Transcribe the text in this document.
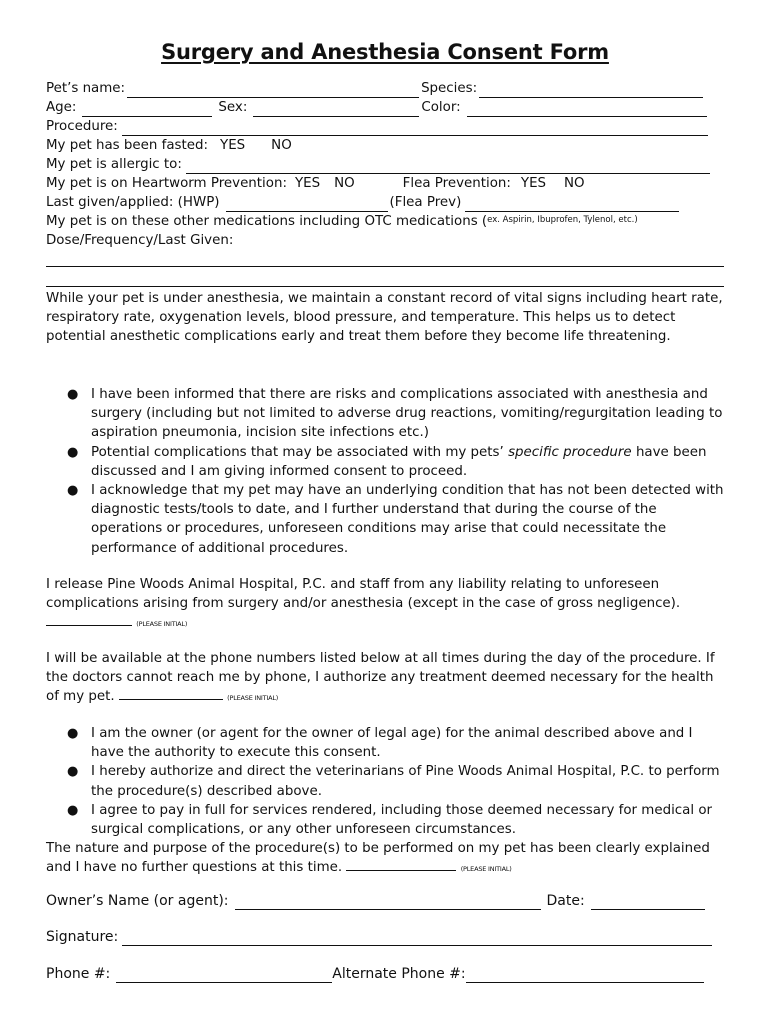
Surgery and Anesthesia Consent Form
Pet’s name:	Species:
Age:	Sex:	Color:
Procedure:
My pet has been fasted: YES NO
My pet is allergic to:
My pet is on Heartworm Prevention: YES NO	Flea Prevention: YES NO
Last given/applied: (HWP)	(Flea Prev)
My pet is on these other medications including OTC medications ( ex. Aspirin, Ibuprofen, Tylenol, etc.)
Dose/Frequency/Last Given:

While your pet is under anesthesia, we maintain a constant record of vital signs including heart rate, respiratory rate, oxygenation levels, blood pressure, and temperature. This helps us to detect potential anesthetic complications early and treat them before they become life threatening.

● I have been informed that there are risks and complications associated with anesthesia and surgery (including but not limited to adverse drug reactions, vomiting/regurgitation leading to aspiration pneumonia, incision site infections etc.)
● Potential complications that may be associated with my pets’ specific procedure have been discussed and I am giving informed consent to proceed.
● I acknowledge that my pet may have an underlying condition that has not been detected with diagnostic tests/tools to date, and I further understand that during the course of the operations or procedures, unforeseen conditions may arise that could necessitate the performance of additional procedures.

I release Pine Woods Animal Hospital, P.C. and staff from any liability relating to unforeseen complications arising from surgery and/or anesthesia (except in the case of gross negligence).  (PLEASE INITIAL)

I will be available at the phone numbers listed below at all times during the day of the procedure. If the doctors cannot reach me by phone, I authorize any treatment deemed necessary for the health of my pet.	(PLEASE INITIAL)

● I am the owner (or agent for the owner of legal age) for the animal described above and I have the authority to execute this consent.
● I hereby authorize and direct the veterinarians of Pine Woods Animal Hospital, P.C. to perform the procedure(s) described above.
● I agree to pay in full for services rendered, including those deemed necessary for medical or surgical complications, or any other unforeseen circumstances.

The nature and purpose of the procedure(s) to be performed on my pet has been clearly explained and I have no further questions at this time.	(PLEASE INITIAL)

Owner’s Name (or agent):	Date:
Signature:
Phone #:	Alternate Phone #:
